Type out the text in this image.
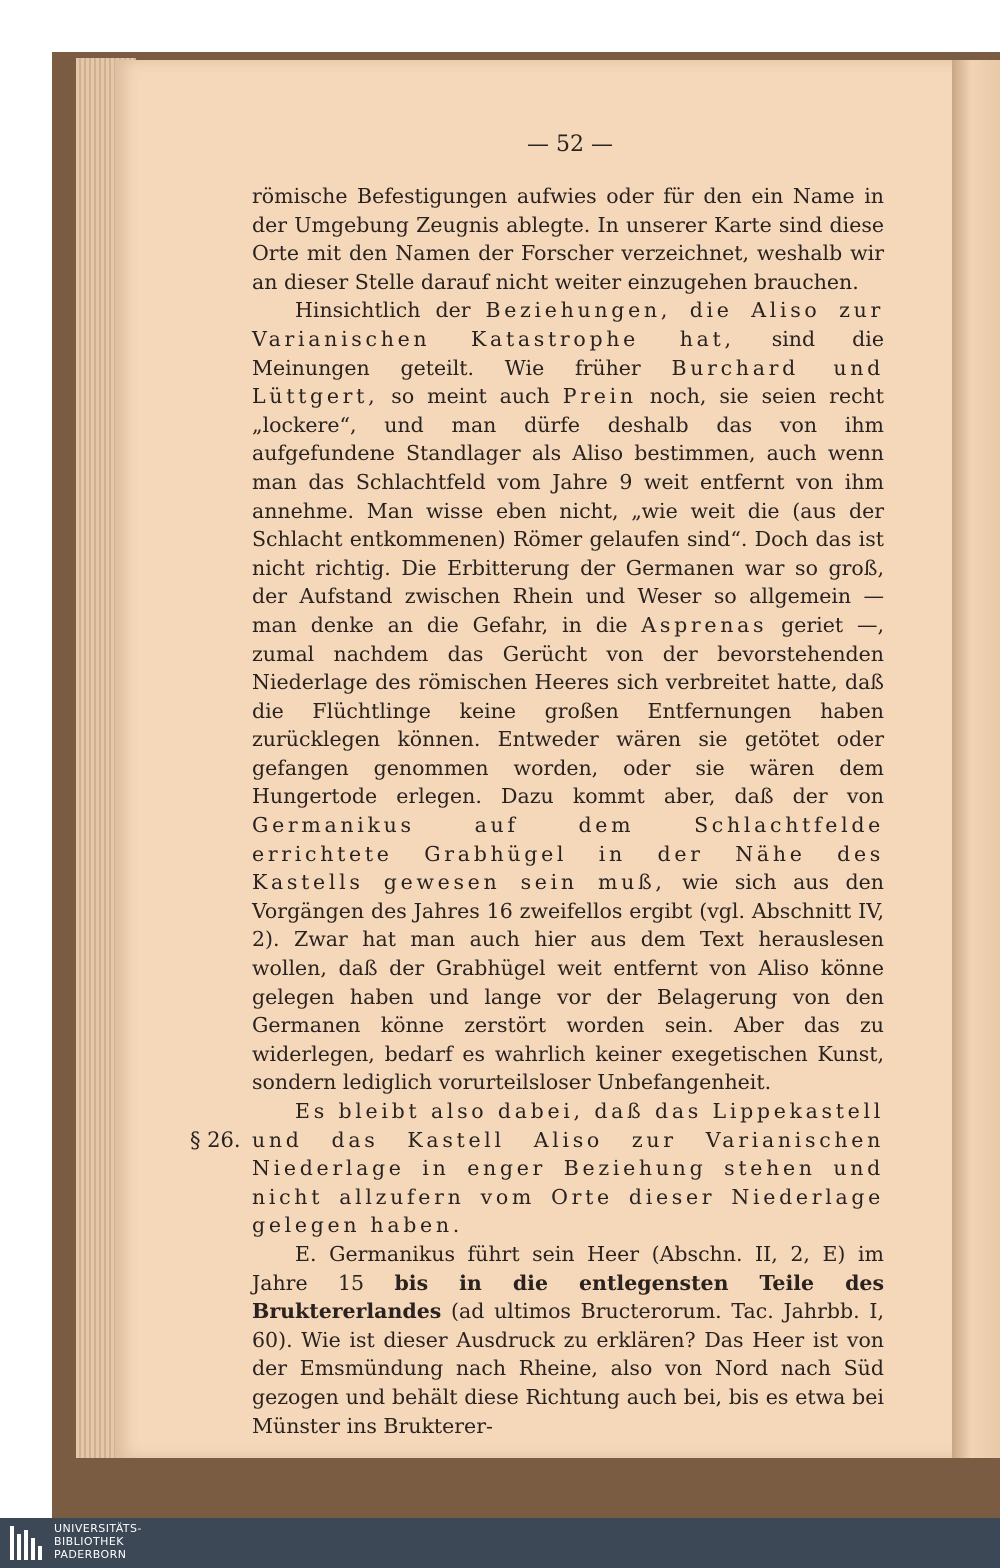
— 52 —
§ 26.

römische Befestigungen aufwies oder für den ein Name in der Umgebung Zeugnis ablegte. In unserer Karte sind diese Orte mit den Namen der Forscher verzeichnet, weshalb wir an dieser Stelle darauf nicht weiter einzugehen brauchen.

Hinsichtlich der Beziehungen, die Aliso zur Varianischen Katastrophe hat, sind die Meinungen geteilt. Wie früher Burchard und Lüttgert, so meint auch Prein noch, sie seien recht „lockere“, und man dürfe deshalb das von ihm aufgefundene Standlager als Aliso bestimmen, auch wenn man das Schlachtfeld vom Jahre 9 weit entfernt von ihm annehme. Man wisse eben nicht, „wie weit die (aus der Schlacht entkommenen) Römer gelaufen sind“. Doch das ist nicht richtig. Die Erbitterung der Germanen war so groß, der Aufstand zwischen Rhein und Weser so allgemein — man denke an die Gefahr, in die Asprenas geriet —, zumal nachdem das Gerücht von der bevorstehenden Niederlage des römischen Heeres sich verbreitet hatte, daß die Flüchtlinge keine großen Entfernungen haben zurücklegen können. Entweder wären sie getötet oder gefangen genommen worden, oder sie wären dem Hungertode erlegen. Dazu kommt aber, daß der von Germanikus auf dem Schlachtfelde errichtete Grabhügel in der Nähe des Kastells gewesen sein muß, wie sich aus den Vorgängen des Jahres 16 zweifellos ergibt (vgl. Abschnitt IV, 2). Zwar hat man auch hier aus dem Text herauslesen wollen, daß der Grabhügel weit entfernt von Aliso könne gelegen haben und lange vor der Belagerung von den Germanen könne zerstört worden sein. Aber das zu widerlegen, bedarf es wahrlich keiner exegetischen Kunst, sondern lediglich vorurteilsloser Unbefangenheit.

Es bleibt also dabei, daß das Lippekastell und das Kastell Aliso zur Varianischen Niederlage in enger Beziehung stehen und nicht allzufern vom Orte dieser Niederlage gelegen haben.

E. Germanikus führt sein Heer (Abschn. II, 2, E) im Jahre 15 bis in die entlegensten Teile des Bruktererlandes (ad ultimos Bructerorum. Tac. Jahrbb. I, 60). Wie ist dieser Ausdruck zu erklären? Das Heer ist von der Emsmündung nach Rheine, also von Nord nach Süd gezogen und behält diese Richtung auch bei, bis es etwa bei Münster ins Brukterer-

UNIVERSITÄTS-
BIBLIOTHEK
PADERBORN
